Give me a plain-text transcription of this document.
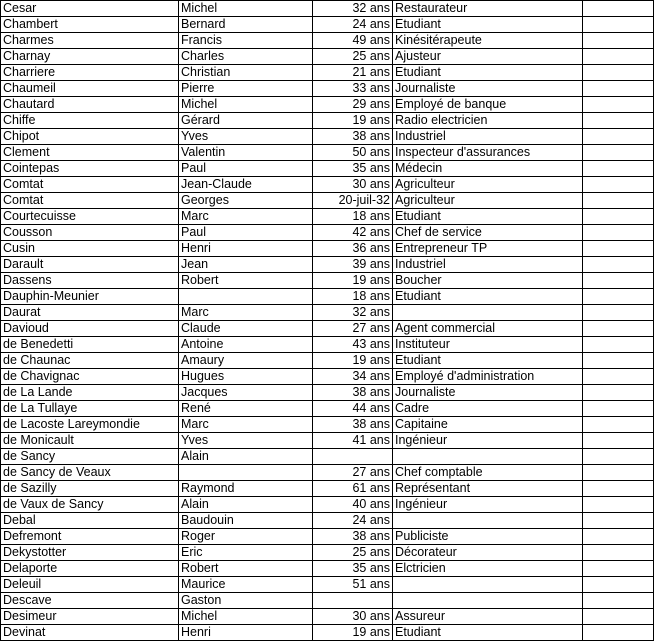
Cesar	Michel	32 ans	Restaurateur	
Chambert	Bernard	24 ans	Etudiant	
Charmes	Francis	49 ans	Kinésitérapeute	
Charnay	Charles	25 ans	Ajusteur	
Charriere	Christian	21 ans	Etudiant	
Chaumeil	Pierre	33 ans	Journaliste	
Chautard	Michel	29 ans	Employé de banque	
Chiffe	Gérard	19 ans	Radio electricien	
Chipot	Yves	38 ans	Industriel	
Clement	Valentin	50 ans	Inspecteur d'assurances	
Cointepas	Paul	35 ans	Médecin	
Comtat	Jean-Claude	30 ans	Agriculteur	
Comtat	Georges	20-juil-32	Agriculteur	
Courtecuisse	Marc	18 ans	Etudiant	
Cousson	Paul	42 ans	Chef de service	
Cusin	Henri	36 ans	Entrepreneur TP	
Darault	Jean	39 ans	Industriel	
Dassens	Robert	19 ans	Boucher	
Dauphin-Meunier		18 ans	Etudiant	
Daurat	Marc	32 ans		
Davioud	Claude	27 ans	Agent commercial	
de Benedetti	Antoine	43 ans	Instituteur	
de Chaunac	Amaury	19 ans	Etudiant	
de Chavignac	Hugues	34 ans	Employé d'administration	
de La Lande	Jacques	38 ans	Journaliste	
de La Tullaye	René	44 ans	Cadre	
de Lacoste Lareymondie	Marc	38 ans	Capitaine	
de Monicault	Yves	41 ans	Ingénieur	
de Sancy	Alain			
de Sancy de Veaux		27 ans	Chef comptable	
de Sazilly	Raymond	61 ans	Représentant	
de Vaux de Sancy	Alain	40 ans	Ingénieur	
Debal	Baudouin	24 ans		
Defremont	Roger	38 ans	Publiciste	
Dekystotter	Eric	25 ans	Décorateur	
Delaporte	Robert	35 ans	Elctricien	
Deleuil	Maurice	51 ans		
Descave	Gaston			
Desimeur	Michel	30 ans	Assureur	
Devinat	Henri	19 ans	Etudiant	
